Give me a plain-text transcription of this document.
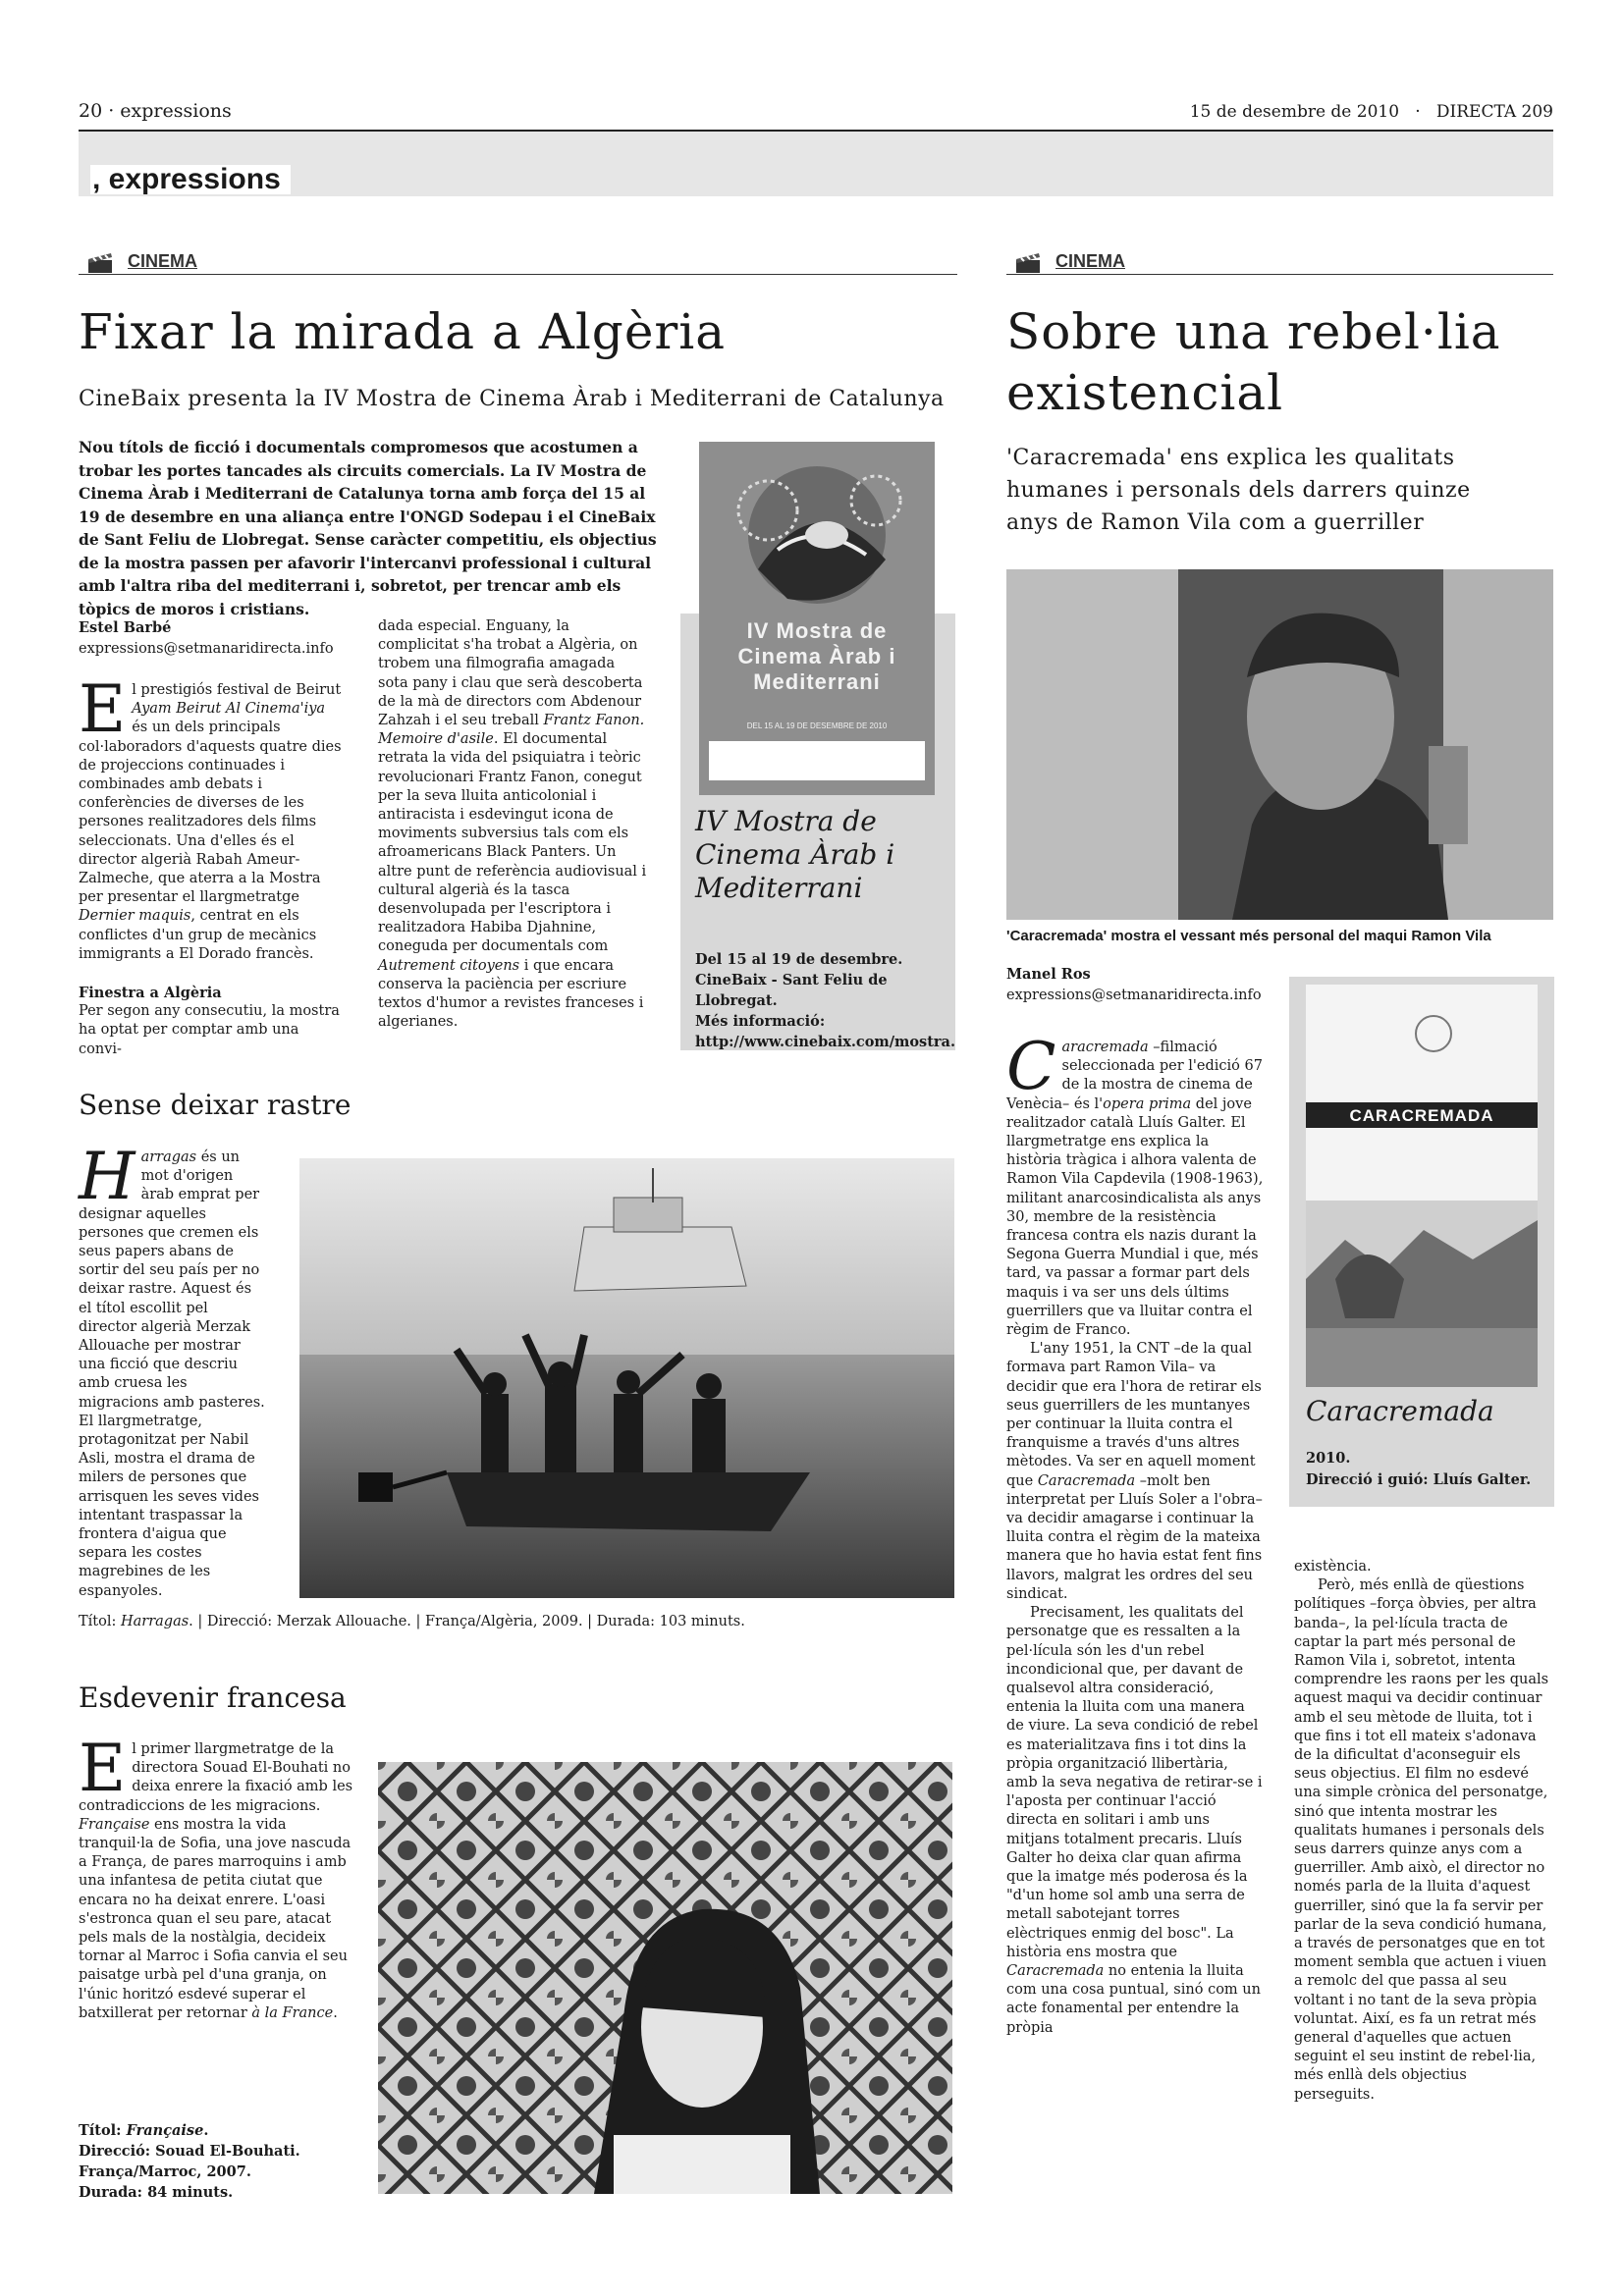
20 · expressions	15 de desembre de 2010 · DIRECTA 209
, expressions
CINEMA
Fixar la mirada a Algèria
CineBaix presenta la IV Mostra de Cinema Àrab i Mediterrani de Catalunya
Nou títols de ficció i documentals compromesos que acostumen a trobar les portes tancades als circuits comercials. La IV Mostra de Cinema Àrab i Mediterrani de Catalunya torna amb força del 15 al 19 de desembre en una aliança entre l'ONGD Sodepau i el CineBaix de Sant Feliu de Llobregat. Sense caràcter competitiu, els objectius de la mostra passen per afavorir l'intercanvi professional i cultural amb l'altra riba del mediterrani i, sobretot, per trencar amb els tòpics de moros i cristians.
Estel Barbé
expressions@setmanaridirecta.info
El prestigiós festival de Beirut Ayam Beirut Al Cinema'iya és un dels principals col·laboradors d'aquests quatre dies de projeccions continuades i combinades amb debats i conferències de diverses de les persones realitzadores dels films seleccionats. Una d'elles és el director algerià Rabah Ameur-Zalmeche, que aterra a la Mostra per presentar el llargmetratge Dernier maquis, centrat en els conflictes d'un grup de mecànics immigrants a El Dorado francès.
Finestra a Algèria
Per segon any consecutiu, la mostra ha optat per comptar amb una convi-
dada especial. Enguany, la complicitat s'ha trobat a Algèria, on trobem una filmografia amagada sota pany i clau que serà descoberta de la mà de directors com Abdenour Zahzah i el seu treball Frantz Fanon. Memoire d'asile. El documental retrata la vida del psiquiatra i teòric revolucionari Frantz Fanon, conegut per la seva lluita anticolonial i antiracista i esdevingut icona de moviments subversius tals com els afroamericans Black Panters. Un altre punt de referència audiovisual i cultural algerià és la tasca desenvolupada per l'escriptora i realitzadora Habiba Djahnine, coneguda per documentals com Autrement citoyens i que encara conserva la paciència per escriure textos d'humor a revistes franceses i algerianes.
IV Mostra de Cinema Àrab i Mediterrani
DEL 15 AL 19 DE DESEMBRE DE 2010
IV Mostra de Cinema Àrab i Mediterrani
Del 15 al 19 de desembre.
CineBaix - Sant Feliu de Llobregat.
Més informació:
http://www.cinebaix.com/mostra.
Sense deixar rastre
Harragas és un mot d'origen àrab emprat per designar aquelles persones que cremen els seus papers abans de sortir del seu país per no deixar rastre. Aquest és el títol escollit pel director algerià Merzak Allouache per mostrar una ficció que descriu amb cruesa les migracions amb pasteres. El llargmetratge, protagonitzat per Nabil Asli, mostra el drama de milers de persones que arrisquen les seves vides intentant traspassar la frontera d'aigua que separa les costes magrebines de les espanyoles.
Títol: Harragas. | Direcció: Merzak Allouache. | França/Algèria, 2009. | Durada: 103 minuts.
Esdevenir francesa
El primer llargmetratge de la directora Souad El-Bouhati no deixa enrere la fixació amb les contradiccions de les migracions. Française ens mostra la vida tranquil·la de Sofia, una jove nascuda a França, de pares marroquins i amb una infantesa de petita ciutat que encara no ha deixat enrere. L'oasi s'estronca quan el seu pare, atacat pels mals de la nostàlgia, decideix tornar al Marroc i Sofia canvia el seu paisatge urbà pel d'una granja, on l'únic horitzó esdevé superar el batxillerat per retornar à la France.
Títol: Française.
Direcció: Souad El-Bouhati.
França/Marroc, 2007.
Durada: 84 minuts.
CINEMA
Sobre una rebel·lia
existencial
'Caracremada' ens explica les qualitats humanes i personals dels darrers quinze anys de Ramon Vila com a guerriller
'Caracremada' mostra el vessant més personal del maqui Ramon Vila
Manel Ros
expressions@setmanaridirecta.info
Caracremada –filmació seleccionada per l'edició 67 de la mostra de cinema de Venècia– és l'opera prima del jove realitzador català Lluís Galter. El llargmetratge ens explica la història tràgica i alhora valenta de Ramon Vila Capdevila (1908-1963), militant anarcosindicalista als anys 30, membre de la resistència francesa contra els nazis durant la Segona Guerra Mundial i que, més tard, va passar a formar part dels maquis i va ser uns dels últims guerrillers que va lluitar contra el règim de Franco.

L'any 1951, la CNT –de la qual formava part Ramon Vila– va decidir que era l'hora de retirar els seus guerrillers de les muntanyes per continuar la lluita contra el franquisme a través d'uns altres mètodes. Va ser en aquell moment que Caracremada –molt ben interpretat per Lluís Soler a l'obra– va decidir amagarse i continuar la lluita contra el règim de la mateixa manera que ho havia estat fent fins llavors, malgrat les ordres del seu sindicat.

Precisament, les qualitats del personatge que es ressalten a la pel·lícula són les d'un rebel incondicional que, per davant de qualsevol altra consideració, entenia la lluita com una manera de viure. La seva condició de rebel es materialitzava fins i tot dins la pròpia organització llibertària, amb la seva negativa de retirar-se i l'aposta per continuar l'acció directa en solitari i amb uns mitjans totalment precaris. Lluís Galter ho deixa clar quan afirma que la imatge més poderosa és la "d'un home sol amb una serra de metall sabotejant torres elèctriques enmig del bosc". La història ens mostra que Caracremada no entenia la lluita com una cosa puntual, sinó com un acte fonamental per entendre la pròpia

CARACREMADA
Caracremada
2010.
Direcció i guió: Lluís Galter.
existència.

Però, més enllà de qüestions polítiques –força òbvies, per altra banda–, la pel·lícula tracta de captar la part més personal de Ramon Vila i, sobretot, intenta comprendre les raons per les quals aquest maqui va decidir continuar amb el seu mètode de lluita, tot i que fins i tot ell mateix s'adonava de la dificultat d'aconseguir els seus objectius. El film no esdevé una simple crònica del personatge, sinó que intenta mostrar les qualitats humanes i personals dels seus darrers quinze anys com a guerriller. Amb això, el director no només parla de la lluita d'aquest guerriller, sinó que la fa servir per parlar de la seva condició humana, a través de personatges que en tot moment sembla que actuen i viuen a remolc del que passa al seu voltant i no tant de la seva pròpia voluntat. Així, es fa un retrat més general d'aquelles que actuen seguint el seu instint de rebel·lia, més enllà dels objectius perseguits.
